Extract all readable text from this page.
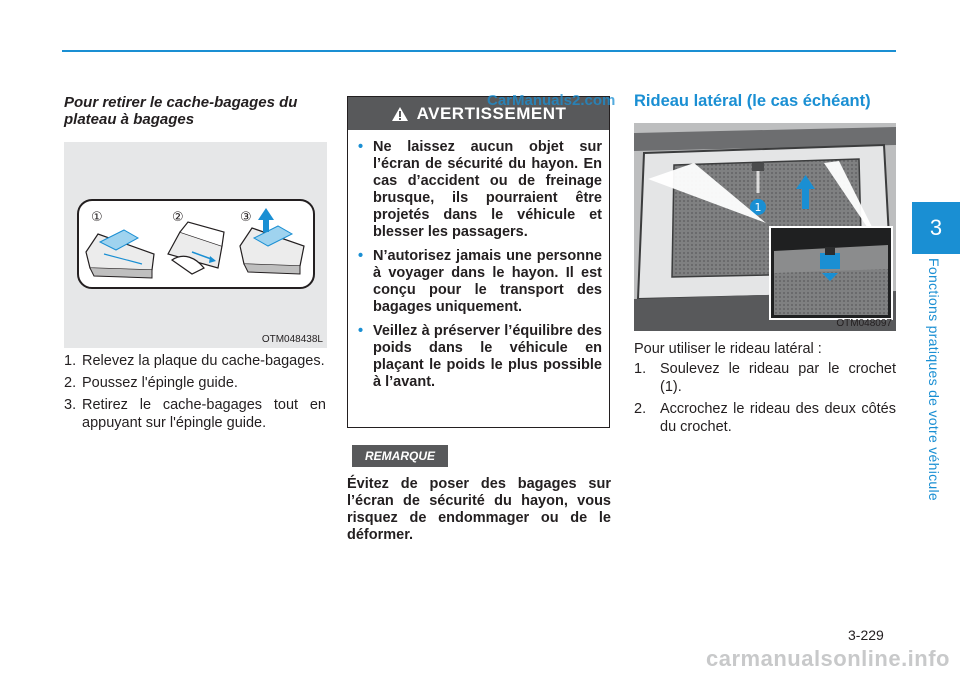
3
Fonctions pratiques de votre véhicule
Pour retirer le cache-bagages du plateau à bagages
①	②	③
OTM048438L
1. Relevez la plaque du cache-bagages.
2. Poussez l'épingle guide.
3. Retirez le cache-bagages tout en appuyant sur l'épingle guide.
AVERTISSEMENT
• Ne laissez aucun objet sur l’écran de sécurité du hayon. En cas d’accident ou de freinage brusque, ils pourraient être projetés dans le véhicule et blesser les passagers.
• N’autorisez jamais une personne à voyager dans le hayon. Il est conçu pour le transport des bagages uniquement.
• Veillez à préserver l’équilibre des poids dans le véhicule en plaçant le poids le plus possible à l’avant.
REMARQUE
Évitez de poser des bagages sur l’écran de sécurité du hayon, vous risquez de endommager ou de le déformer.
Rideau latéral (le cas échéant)
1
OTM048097
Pour utiliser le rideau latéral :
1. Soulevez le rideau par le crochet (1).
2. Accrochez le rideau des deux côtés du crochet.
3-229
CarManuals2.com
carmanualsonline.info
